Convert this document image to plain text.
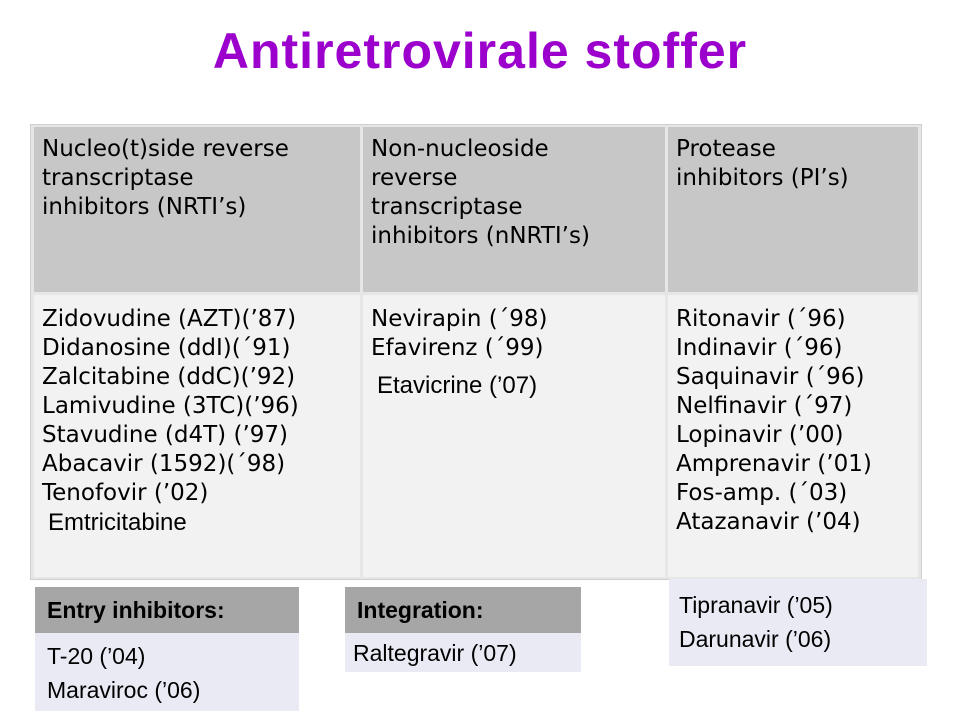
Antiretrovirale stoffer
Nucleo(t)side reverse
transcriptase
inhibitors (NRTI’s)
Non-nucleoside
reverse
transcriptase
inhibitors (nNRTI’s)
Protease
inhibitors (PI’s)
Zidovudine (AZT)(’87)
Didanosine (ddI)(´91)
Zalcitabine (ddC)(’92)
Lamivudine (3TC)(’96)
Stavudine (d4T) (’97)
Abacavir (1592)(´98)
Tenofovir (’02)
Emtricitabine
Nevirapin (´98)
Efavirenz (´99)
Etavicrine (’07)
Ritonavir (´96)
Indinavir (´96)
Saquinavir (´96)
Nelfinavir (´97)
Lopinavir (’00)
Amprenavir (’01)
Fos-amp. (´03)
Atazanavir (’04)
Entry inhibitors:
T-20 (’04)
Maraviroc (’06)
Integration:
Raltegravir (’07)
Tipranavir (’05)
Darunavir (’06)
